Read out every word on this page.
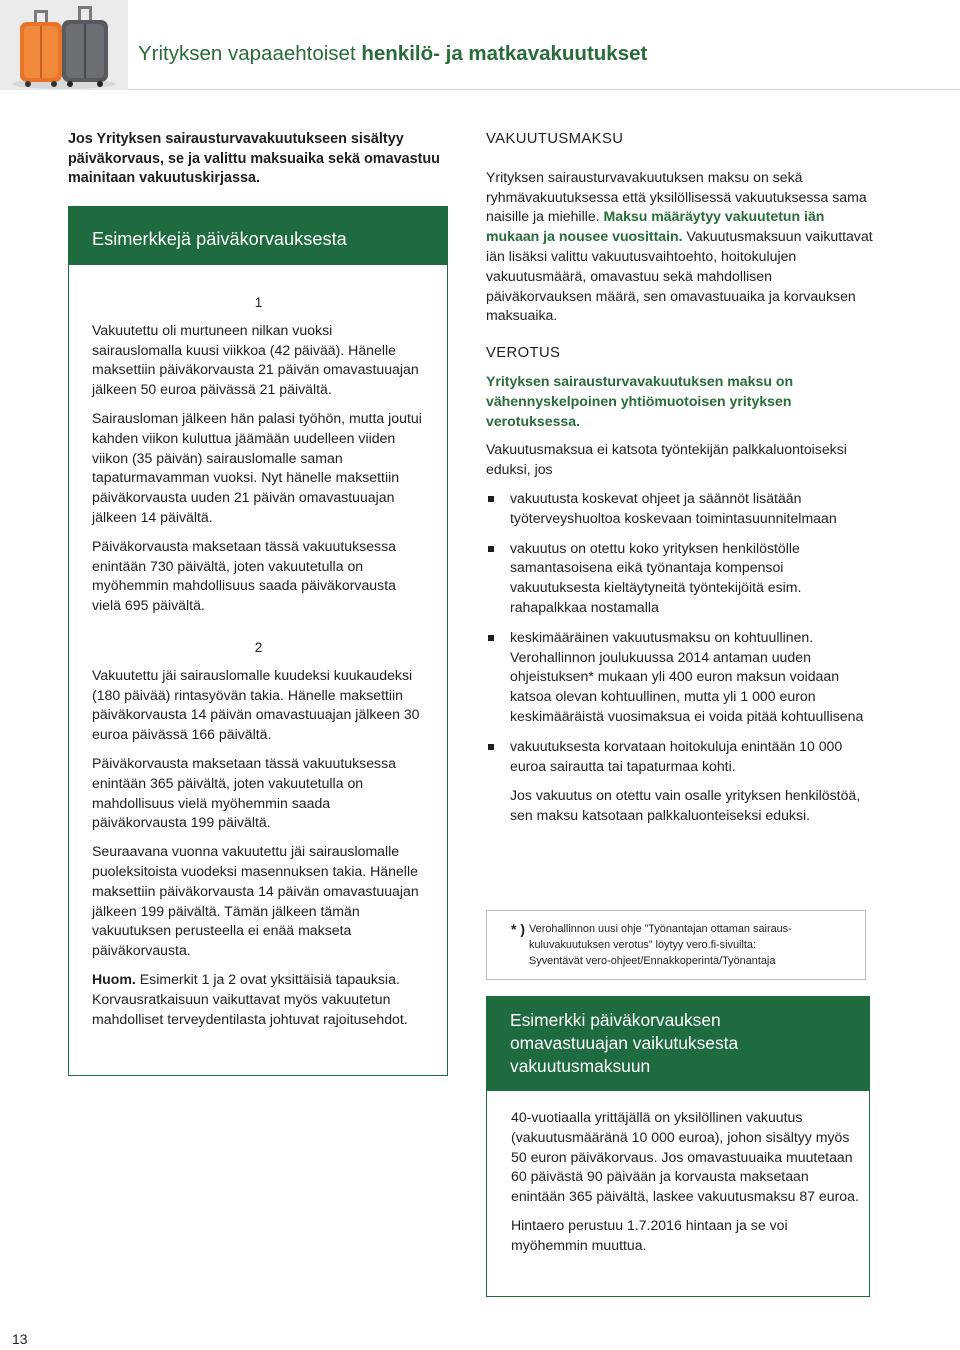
Yrityksen vapaaehtoiset henkilö- ja matkavakuutukset
Jos Yrityksen sairausturvavakuutukseen sisältyy päiväkorvaus, se ja valittu maksuaika sekä omavastuu mainitaan vakuutuskirjassa.
Esimerkkejä päiväkorvauksesta
1

Vakuutettu oli murtuneen nilkan vuoksi sairauslomalla kuusi viikkoa (42 päivää). Hänelle maksettiin päiväkorvausta 21 päivän omavastuuajan jälkeen 50 euroa päivässä 21 päivältä.

Sairausloman jälkeen hän palasi työhön, mutta joutui kahden viikon kuluttua jäämään uudelleen viiden viikon (35 päivän) sairauslomalle saman tapaturmavamman vuoksi. Nyt hänelle maksettiin päiväkorvausta uuden 21 päivän omavastuuajan jälkeen 14 päivältä.

Päiväkorvausta maksetaan tässä vakuutuksessa enintään 730 päivältä, joten vakuutetulla on myöhemmin mahdollisuus saada päiväkorvausta vielä 695 päivältä.

2

Vakuutettu jäi sairauslomalle kuudeksi kuukaudeksi (180 päivää) rintasyövän takia. Hänelle maksettiin päiväkorvausta 14 päivän omavastuuajan jälkeen 30 euroa päivässä 166 päivältä.

Päiväkorvausta maksetaan tässä vakuutuksessa enintään 365 päivältä, joten vakuutetulla on mahdollisuus vielä myöhemmin saada päiväkorvausta 199 päivältä.

Seuraavana vuonna vakuutettu jäi sairauslomalle puoleksitoista vuodeksi masennuksen takia. Hänelle maksettiin päiväkorvausta 14 päivän omavastuuajan jälkeen 199 päivältä. Tämän jälkeen tämän vakuutuksen perusteella ei enää makseta päiväkorvausta.

Huom. Esimerkit 1 ja 2 ovat yksittäisiä tapauksia. Korvausratkaisuun vaikuttavat myös vakuutetun mahdolliset terveydentilasta johtuvat rajoitusehdot.

VAKUUTUSMAKSU

Yrityksen sairausturvavakuutuksen maksu on sekä ryhmävakuutuksessa että yksilöllisessä vakuutuksessa sama naisille ja miehille. Maksu määräytyy vakuutetun iän mukaan ja nousee vuosittain. Vakuutusmaksuun vaikuttavat iän lisäksi valittu vakuutusvaihtoehto, hoitokulujen vakuutusmäärä, omavastuu sekä mahdollisen päiväkorvauksen määrä, sen omavastuuaika ja korvauksen maksuaika.

VEROTUS

Yrityksen sairausturvavakuutuksen maksu on vähennyskelpoinen yhtiömuotoisen yrityksen verotuksessa.

Vakuutusmaksua ei katsota työntekijän palkkaluontoiseksi eduksi, jos

vakuutusta koskevat ohjeet ja säännöt lisätään työterveyshuoltoa koskevaan toimintasuunnitelmaan
vakuutus on otettu koko yrityksen henkilöstölle samantasoisena eikä työnantaja kompensoi vakuutuksesta kieltäytyneitä työntekijöitä esim. rahapalkkaa nostamalla
keskimääräinen vakuutusmaksu on kohtuullinen. Verohallinnon joulukuussa 2014 antaman uuden ohjeistuksen* mukaan yli 400 euron maksun voidaan katsoa olevan kohtuullinen, mutta yli 1 000 euron keskimääräistä vuosimaksua ei voida pitää kohtuullisena
vakuutuksesta korvataan hoitokuluja enintään 10 000 euroa sairautta tai tapaturmaa kohti.

Jos vakuutus on otettu vain osalle yrityksen henkilöstöä, sen maksu katsotaan palkkaluonteiseksi eduksi.

* ) Verohallinnon uusi ohje ”Työnantajan ottaman sairaus-
kuluvakuutuksen verotus” löytyy vero.fi-sivuilta:
Syventävät vero-ohjeet/Ennakkoperintä/Työnantaja
Esimerkki päiväkorvauksen
omavastuuajan vaikutuksesta
vakuutusmaksuun

40-vuotiaalla yrittäjällä on yksilöllinen vakuutus (vakuutusmääränä 10 000 euroa), johon sisältyy myös 50 euron päiväkorvaus. Jos omavastuuaika muutetaan 60 päivästä 90 päivään ja korvausta maksetaan enintään 365 päivältä, laskee vakuutusmaksu 87 euroa.

Hintaero perustuu 1.7.2016 hintaan ja se voi myöhemmin muuttua.

13
